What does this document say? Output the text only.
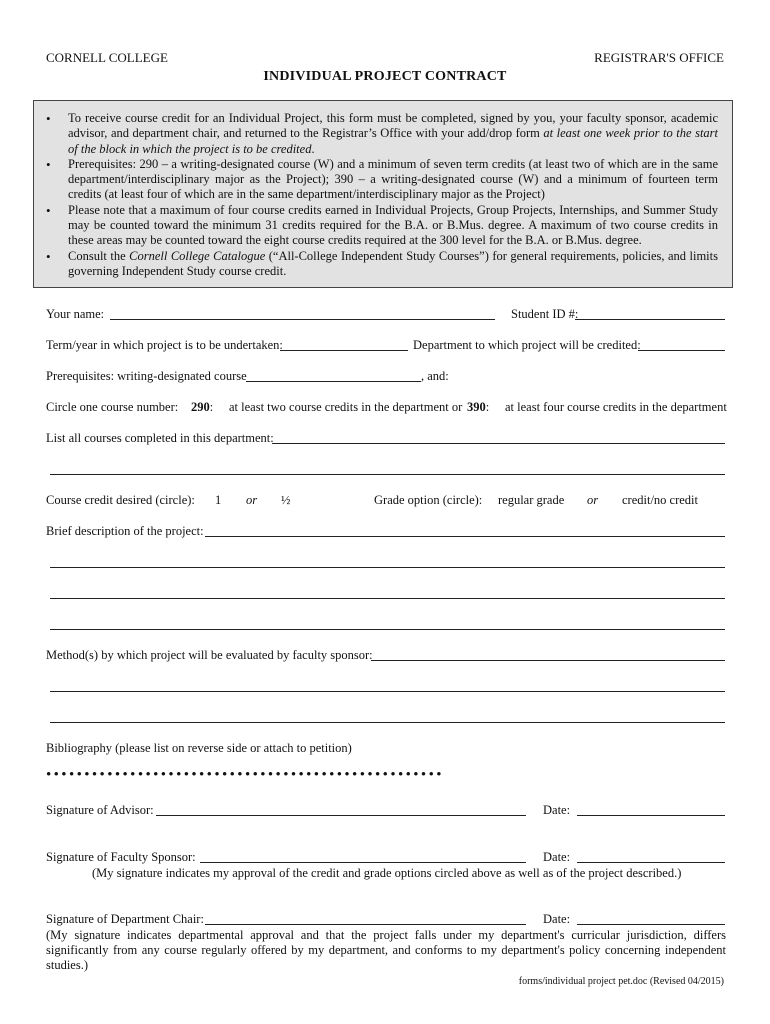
CORNELL COLLEGE	REGISTRAR'S OFFICE
INDIVIDUAL PROJECT CONTRACT
• To receive course credit for an Individual Project, this form must be completed, signed by you, your faculty sponsor, academic advisor, and department chair, and returned to the Registrar’s Office with your add/drop form at least one week prior to the start of the block in which the project is to be credited.
• Prerequisites: 290 – a writing-designated course (W) and a minimum of seven term credits (at least two of which are in the same department/interdisciplinary major as the Project); 390 – a writing-designated course (W) and a minimum of fourteen term credits (at least four of which are in the same department/interdisciplinary major as the Project)
• Please note that a maximum of four course credits earned in Individual Projects, Group Projects, Internships, and Summer Study may be counted toward the minimum 31 credits required for the B.A. or B.Mus. degree. A maximum of two course credits in these areas may be counted toward the eight course credits required at the 300 level for the B.A. or B.Mus. degree.
• Consult the Cornell College Catalogue (“All-College Independent Study Courses”) for general requirements, policies, and limits governing Independent Study course credit.
Your name:	Student ID #:
Term/year in which project is to be undertaken:	Department to which project will be credited:
Prerequisites: writing-designated course	, and:
Circle one course number: 290: at least two course credits in the department or 390: at least four course credits in the department
List all courses completed in this department:
Course credit desired (circle): 1 or ½	Grade option (circle): regular grade or credit/no credit
Brief description of the project:
Method(s) by which project will be evaluated by faculty sponsor:
Bibliography (please list on reverse side or attach to petition)
••••••••••••••••••••••••••••••••••••••••••••••••••••
Signature of Advisor:	Date:
Signature of Faculty Sponsor:	Date:
(My signature indicates my approval of the credit and grade options circled above as well as of the project described.)
Signature of Department Chair:	Date:
(My signature indicates departmental approval and that the project falls under my department's curricular jurisdiction, differs significantly from any course regularly offered by my department, and conforms to my department's policy concerning independent studies.)
forms/individual project pet.doc (Revised 04/2015)
